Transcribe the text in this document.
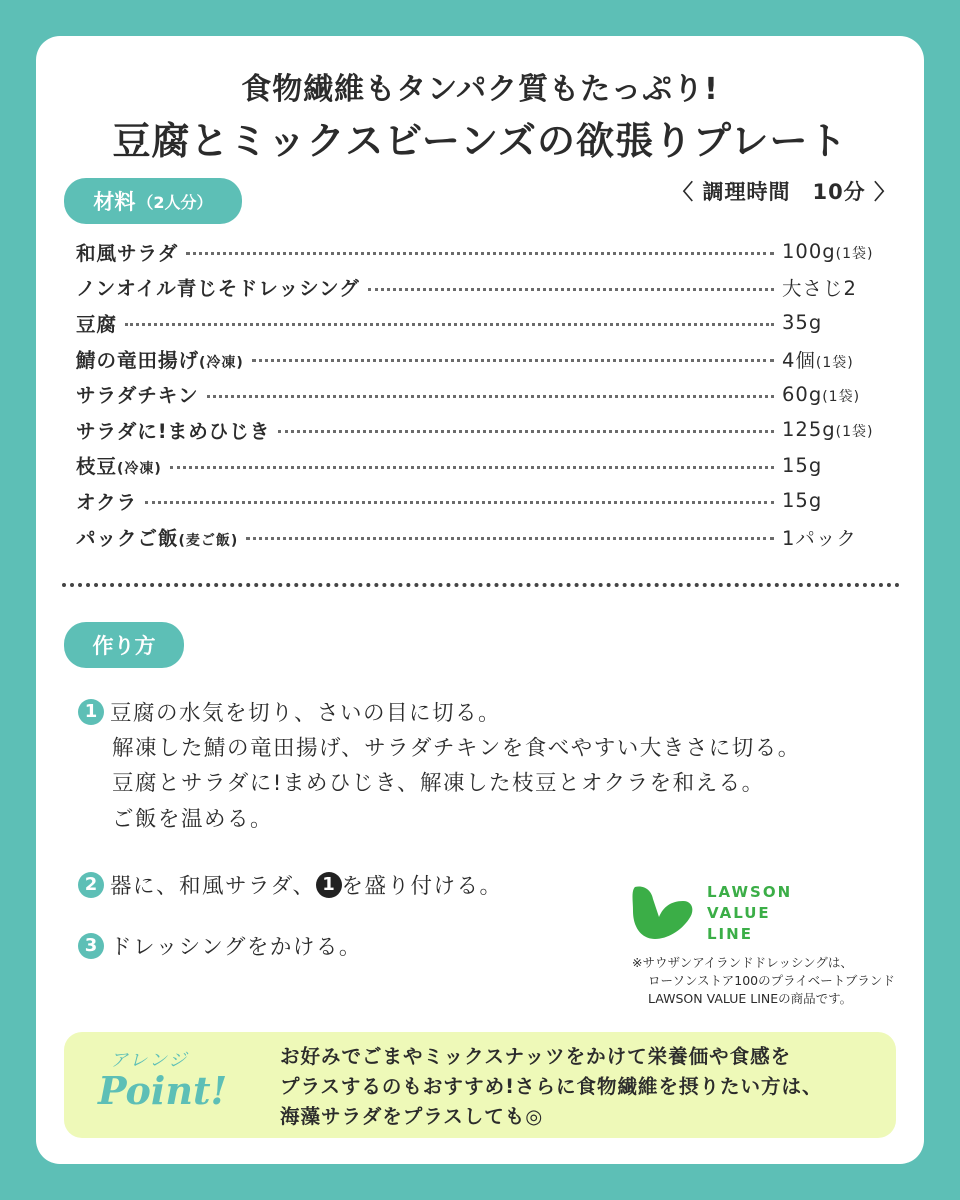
食物繊維もタンパク質もたっぷり!
豆腐とミックスビーンズの欲張りプレート
材料 （2人分）	〈 調理時間　10分 〉
和風サラダ	100g(1袋)
ノンオイル青じそドレッシング	大さじ2
豆腐	35g
鯖の竜田揚げ(冷凍)	4個(1袋)
サラダチキン	60g(1袋)
サラダに!まめひじき	125g(1袋)
枝豆(冷凍)	15g
オクラ	15g
パックご飯(麦ご飯)	1パック
作り方
1 豆腐の水気を切り、さいの目に切る。
解凍した鯖の竜田揚げ、サラダチキンを食べやすい大きさに切る。
豆腐とサラダに!まめひじき、解凍した枝豆とオクラを和える。
ご飯を温める。
2 器に、和風サラダ、 1 を盛り付ける。
3 ドレッシングをかける。
LAWSON
VALUE
LINE
※サウザンアイランドドレッシングは、
ローソンストア100のプライベートブランド
LAWSON VALUE LINEの商品です。
アレンジ
Point!
お好みでごまやミックスナッツをかけて栄養価や食感を
プラスするのもおすすめ!さらに食物繊維を摂りたい方は、
海藻サラダをプラスしても◎
